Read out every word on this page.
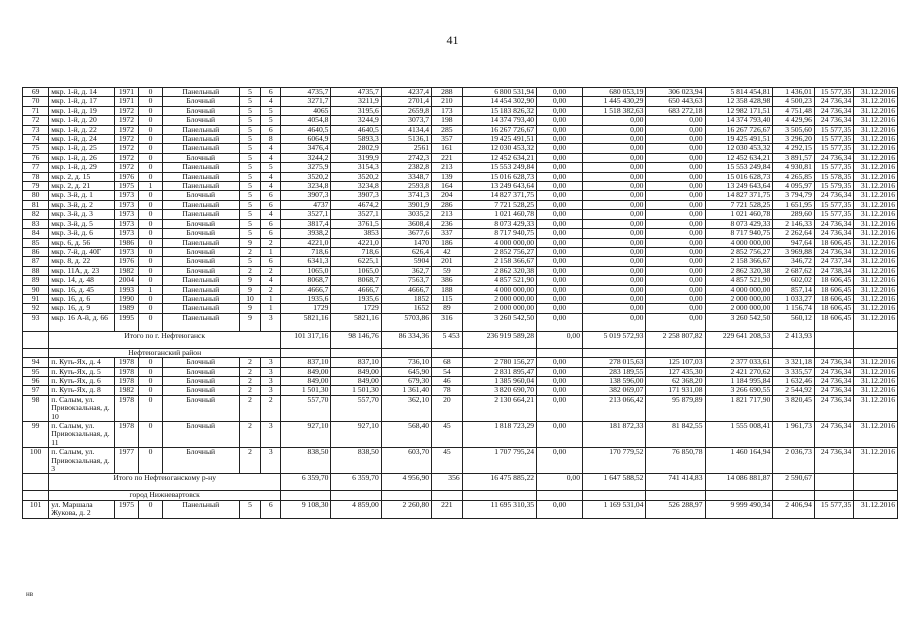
41
69	мкр. 1-й, д. 14	1971	0	Панельный	5	6	4735,7	4735,7	4237,4	288	6 800 531,94	0,00	680 053,19	306 023,94	5 814 454,81	1 436,01	15 577,35	31.12.2016
70	мкр. 1-й, д. 17	1971	0	Блочный	5	4	3271,7	3211,9	2701,4	210	14 454 302,90	0,00	1 445 430,29	650 443,63	12 358 428,98	4 500,23	24 736,34	31.12.2016
71	мкр. 1-й, д. 19	1972	0	Блочный	5	5	4065	3195,6	2659,8	173	15 183 826,32	0,00	1 518 382,63	683 272,18	12 982 171,51	4 751,48	24 736,34	31.12.2016
72	мкр. 1-й, д. 20	1972	0	Блочный	5	5	4054,8	3244,9	3073,7	198	14 374 793,40	0,00	0,00	0,00	14 374 793,40	4 429,96	24 736,34	31.12.2016
73	мкр. 1-й, д. 22	1972	0	Панельный	5	6	4640,5	4640,5	4134,4	285	16 267 726,67	0,00	0,00	0,00	16 267 726,67	3 505,60	15 577,35	31.12.2016
74	мкр. 1-й, д. 24	1972	0	Панельный	5	8	6064,9	5893,3	5136,1	357	19 425 491,51	0,00	0,00	0,00	19 425 491,51	3 296,20	15 577,35	31.12.2016
75	мкр. 1-й, д. 25	1972	0	Панельный	5	4	3476,4	2802,9	2561	161	12 030 453,32	0,00	0,00	0,00	12 030 453,32	4 292,15	15 577,35	31.12.2016
76	мкр. 1-й, д. 26	1972	0	Блочный	5	4	3244,2	3199,9	2742,3	221	12 452 634,21	0,00	0,00	0,00	12 452 634,21	3 891,57	24 736,34	31.12.2016
77	мкр. 1-й, д. 29	1972	0	Панельный	5	5	3275,9	3154,3	2382,8	213	15 553 249,84	0,00	0,00	0,00	15 553 249,84	4 930,81	15 577,35	31.12.2016
78	мкр. 2, д. 15	1976	0	Панельный	5	4	3520,2	3520,2	3348,7	139	15 016 628,73	0,00	0,00	0,00	15 016 628,73	4 265,85	15 578,35	31.12.2016
79	мкр. 2, д. 21	1975	1	Панельный	5	4	3234,8	3234,8	2593,8	164	13 249 643,64	0,00	0,00	0,00	13 249 643,64	4 095,97	15 579,35	31.12.2016
80	мкр. 3-й, д. 1	1973	0	Блочный	5	6	3907,3	3907,3	3741,3	204	14 827 371,75	0,00	0,00	0,00	14 827 371,75	3 794,79	24 736,34	31.12.2016
81	мкр. 3-й, д. 2	1973	0	Панельный	5	6	4737	4674,2	3901,9	286	7 721 528,25	0,00	0,00	0,00	7 721 528,25	1 651,95	15 577,35	31.12.2016
82	мкр. 3-й, д. 3	1973	0	Панельный	5	4	3527,1	3527,1	3035,2	213	1 021 460,78	0,00	0,00	0,00	1 021 460,78	289,60	15 577,35	31.12.2016
83	мкр. 3-й, д. 5	1973	0	Блочный	5	6	3817,4	3761,5	3608,4	236	8 073 429,33	0,00	0,00	0,00	8 073 429,33	2 146,33	24 736,34	31.12.2016
84	мкр. 3-й, д. 6	1973	0	Блочный	5	6	3938,2	3853	3677,6	337	8 717 940,75	0,00	0,00	0,00	8 717 940,75	2 262,64	24 736,34	31.12.2016
85	мкр. 6, д. 56	1986	0	Панельный	9	2	4221,0	4221,0	1470	186	4 000 000,00	0,00	0,00	0,00	4 000 000,00	947,64	18 606,45	31.12.2016
86	мкр. 7-й, д. 40Г	1973	0	Блочный	2	1	718,6	718,6	626,4	42	2 852 756,27	0,00	0,00	0,00	2 852 756,27	3 969,88	24 736,34	31.12.2016
87	мкр. 8, д. 22	1976	0	Блочный	5	6	6341,3	6225,1	5904	201	2 158 366,67	0,00	0,00	0,00	2 158 366,67	346,72	24 737,34	31.12.2016
88	мкр. 11А, д. 23	1982	0	Блочный	2	2	1065,0	1065,0	362,7	59	2 862 320,38	0,00	0,00	0,00	2 862 320,38	2 687,62	24 738,34	31.12.2016
89	мкр. 14, д. 48	2004	0	Панельный	9	4	8068,7	8068,7	7563,7	386	4 857 521,90	0,00	0,00	0,00	4 857 521,90	602,02	18 606,45	31.12.2016
90	мкр. 16, д. 45	1993	1	Панельный	9	2	4666,7	4666,7	4666,7	188	4 000 000,00	0,00	0,00	0,00	4 000 000,00	857,14	18 606,45	31.12.2016
91	мкр. 16, д. 6	1990	0	Панельный	10	1	1935,6	1935,6	1852	115	2 000 000,00	0,00	0,00	0,00	2 000 000,00	1 033,27	18 606,45	31.12.2016
92	мкр. 16, д. 9	1989	0	Панельный	9	1	1729	1729	1652	89	2 000 000,00	0,00	0,00	0,00	2 000 000,00	1 156,74	18 606,45	31.12.2016
93	мкр. 16 А-й, д. 66	1995	0	Панельный	9	3	5821,16	5821,16	5703,86	316	3 260 542,50	0,00	0,00	0,00	3 260 542,50	560,12	18 606,45	31.12.2016
	Итого по г. Нефтеюганск						101 317,16	98 146,76	86 334,36	5 453	236 919 589,28	0,00	5 019 572,93	2 258 807,82	229 641 208,53	2 413,93		
	Нефтеюганский район																	
94	п. Куть-Ях, д. 4	1978	0	Блочный	2	3	837,10	837,10	736,10	68	2 780 156,27	0,00	278 015,63	125 107,03	2 377 033,61	3 321,18	24 736,34	31.12.2016
95	п. Куть-Ях, д. 5	1978	0	Блочный	2	3	849,00	849,00	645,90	54	2 831 895,47	0,00	283 189,55	127 435,30	2 421 270,62	3 335,57	24 736,34	31.12.2016
96	п. Куть-Ях, д. 6	1978	0	Блочный	2	3	849,00	849,00	679,30	46	1 385 960,04	0,00	138 596,00	62 368,20	1 184 995,84	1 632,46	24 736,34	31.12.2016
97	п. Куть-Ях, д. 8	1982	0	Блочный	2	3	1 501,30	1 501,30	1 361,40	78	3 820 690,70	0,00	382 069,07	171 931,08	3 266 690,55	2 544,92	24 736,34	31.12.2016
98	п. Салым, ул. Привокзальная, д. 10	1978	0	Блочный	2	2	557,70	557,70	362,10	20	2 130 664,21	0,00	213 066,42	95 879,89	1 821 717,90	3 820,45	24 736,34	31.12.2016
99	п. Салым, ул. Привокзальная, д. 11	1978	0	Блочный	2	3	927,10	927,10	568,40	45	1 818 723,29	0,00	181 872,33	81 842,55	1 555 008,41	1 961,73	24 736,34	31.12.2016
100	п. Салым, ул. Привокзальная, д. 3	1977	0	Блочный	2	3	838,50	838,50	603,70	45	1 707 795,24	0,00	170 779,52	76 850,78	1 460 164,94	2 036,73	24 736,34	31.12.2016
	Итого по Нефтеюганскому р-ну						6 359,70	6 359,70	4 956,90	356	16 475 885,22	0,00	1 647 588,52	741 414,83	14 086 881,87	2 590,67		
	город Нижневартовск																	
101	ул. Маршала Жукова, д. 2	1975	0	Панельный	5	6	9 108,30	4 859,00	2 260,80	221	11 695 310,35	0,00	1 169 531,04	526 288,97	9 999 490,34	2 406,94	15 577,35	31.12.2016
нв
